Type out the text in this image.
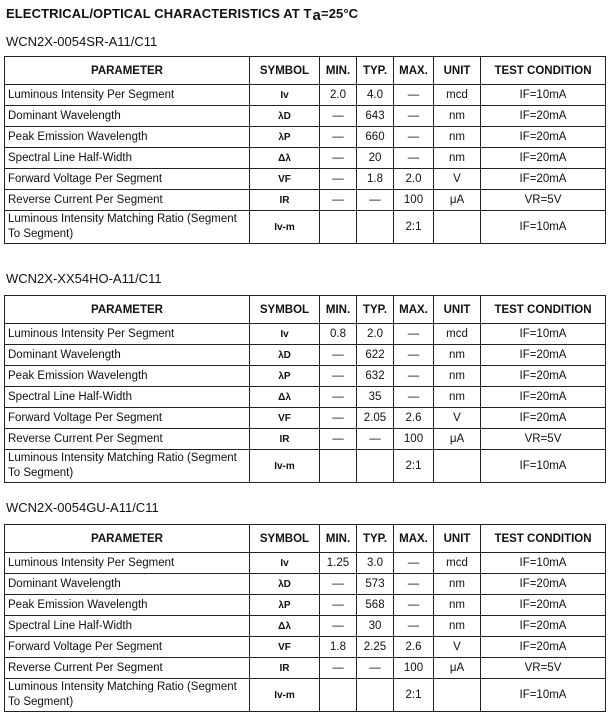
ELECTRICAL/OPTICAL CHARACTERISTICS AT Ta=25°C
WCN2X-0054SR-A11/C11
PARAMETER	SYMBOL	MIN.	TYP.	MAX.	UNIT	TEST CONDITION
Luminous Intensity Per Segment	Iv	2.0	4.0	—	mcd	IF=10mA
Dominant Wavelength	λD	—	643	—	nm	IF=20mA
Peak Emission Wavelength	λP	—	660	—	nm	IF=20mA
Spectral Line Half-Width	Δλ	—	20	—	nm	IF=20mA
Forward Voltage Per Segment	VF	—	1.8	2.0	V	IF=20mA
Reverse Current Per Segment	IR	—	—	100	μA	VR=5V
Luminous Intensity Matching Ratio (Segment To Segment)	Iv-m			2:1		IF=10mA
WCN2X-XX54HO-A11/C11
PARAMETER	SYMBOL	MIN.	TYP.	MAX.	UNIT	TEST CONDITION
Luminous Intensity Per Segment	Iv	0.8	2.0	—	mcd	IF=10mA
Dominant Wavelength	λD	—	622	—	nm	IF=20mA
Peak Emission Wavelength	λP	—	632	—	nm	IF=20mA
Spectral Line Half-Width	Δλ	—	35	—	nm	IF=20mA
Forward Voltage Per Segment	VF	—	2.05	2.6	V	IF=20mA
Reverse Current Per Segment	IR	—	—	100	μA	VR=5V
Luminous Intensity Matching Ratio (Segment To Segment)	Iv-m			2:1		IF=10mA
WCN2X-0054GU-A11/C11
PARAMETER	SYMBOL	MIN.	TYP.	MAX.	UNIT	TEST CONDITION
Luminous Intensity Per Segment	Iv	1.25	3.0	—	mcd	IF=10mA
Dominant Wavelength	λD	—	573	—	nm	IF=20mA
Peak Emission Wavelength	λP	—	568	—	nm	IF=20mA
Spectral Line Half-Width	Δλ	—	30	—	nm	IF=20mA
Forward Voltage Per Segment	VF	1.8	2.25	2.6	V	IF=20mA
Reverse Current Per Segment	IR	—	—	100	μA	VR=5V
Luminous Intensity Matching Ratio (Segment To Segment)	Iv-m			2:1		IF=10mA
